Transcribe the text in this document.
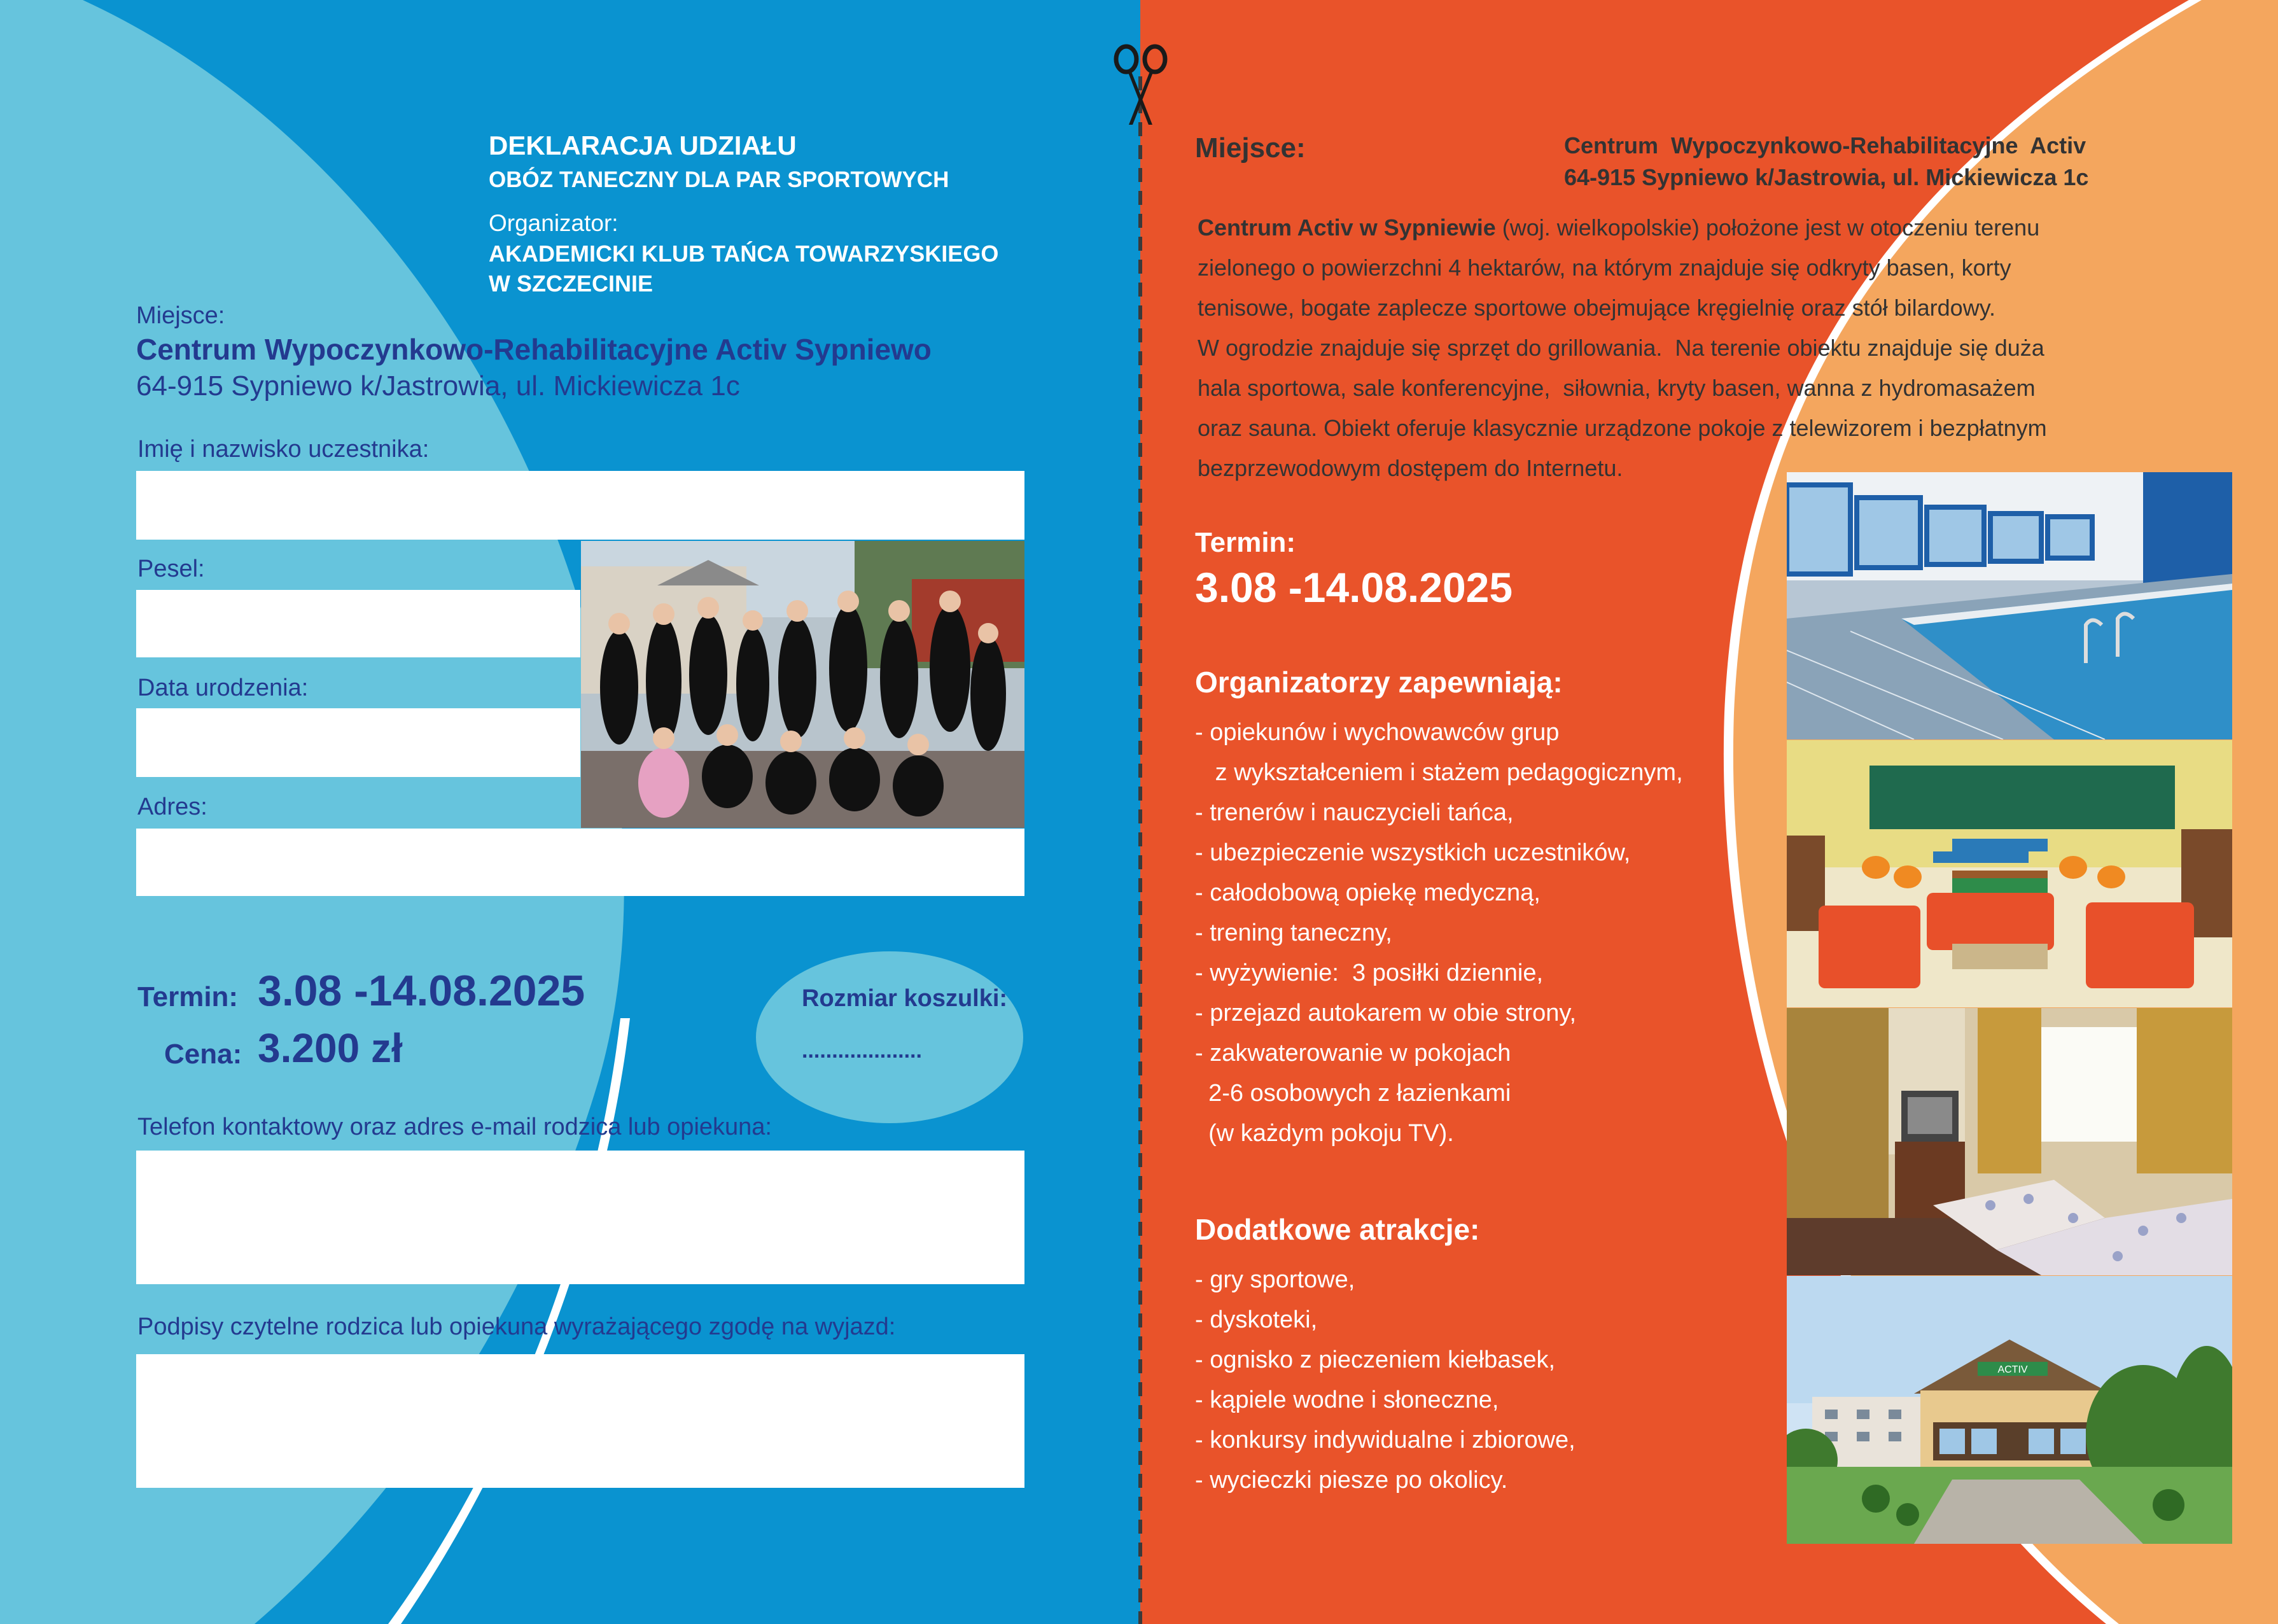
DEKLARACJA UDZIAŁU
OBÓZ TANECZNY DLA PAR SPORTOWYCH
Organizator:
AKADEMICKI KLUB TAŃCA TOWARZYSKIEGO
W SZCZECINIE
Miejsce:
Centrum Wypoczynkowo-Rehabilitacyjne Activ Sypniewo
64-915 Sypniewo k/Jastrowia, ul. Mickiewicza 1c
Imię i nazwisko uczestnika:
Pesel:
Data urodzenia:
Adres:
Termin: 3.08 -14.08.2025
Cena: 3.200 zł
Rozmiar koszulki:
....................
Telefon kontaktowy oraz adres e-mail rodzica lub opiekuna:
Podpisy czytelne rodzica lub opiekuna wyrażającego zgodę na wyjazd:
Miejsce:	Centrum  Wypoczynkowo-Rehabilitacyjne  Activ
64-915 Sypniewo k/Jastrowia, ul. Mickiewicza 1c
Centrum Activ w Sypniewie (woj. wielkopolskie) położone jest w otoczeniu terenu
zielonego o powierzchni 4 hektarów, na którym znajduje się odkryty basen, korty
tenisowe, bogate zaplecze sportowe obejmujące kręgielnię oraz stół bilardowy.
W ogrodzie znajduje się sprzęt do grillowania.  Na terenie obiektu znajduje się duża
hala sportowa, sale konferencyjne,  siłownia, kryty basen, wanna z hydromasażem
oraz sauna. Obiekt oferuje klasycznie urządzone pokoje z telewizorem i bezpłatnym
bezprzewodowym dostępem do Internetu.
Termin:
3.08 -14.08.2025
Organizatorzy zapewniają:
- opiekunów i wychowawców grup
z wykształceniem i stażem pedagogicznym,
- trenerów i nauczycieli tańca,
- ubezpieczenie wszystkich uczestników,
- całodobową opiekę medyczną,
- trening taneczny,
- wyżywienie:  3 posiłki dziennie,
- przejazd autokarem w obie strony,
- zakwaterowanie w pokojach
2-6 osobowych z łazienkami
(w każdym pokoju TV).
Dodatkowe atrakcje:
- gry sportowe,
- dyskoteki,
- ognisko z pieczeniem kiełbasek,
- kąpiele wodne i słoneczne,
- konkursy indywidualne i zbiorowe,
- wycieczki piesze po okolicy.
ACTIV
